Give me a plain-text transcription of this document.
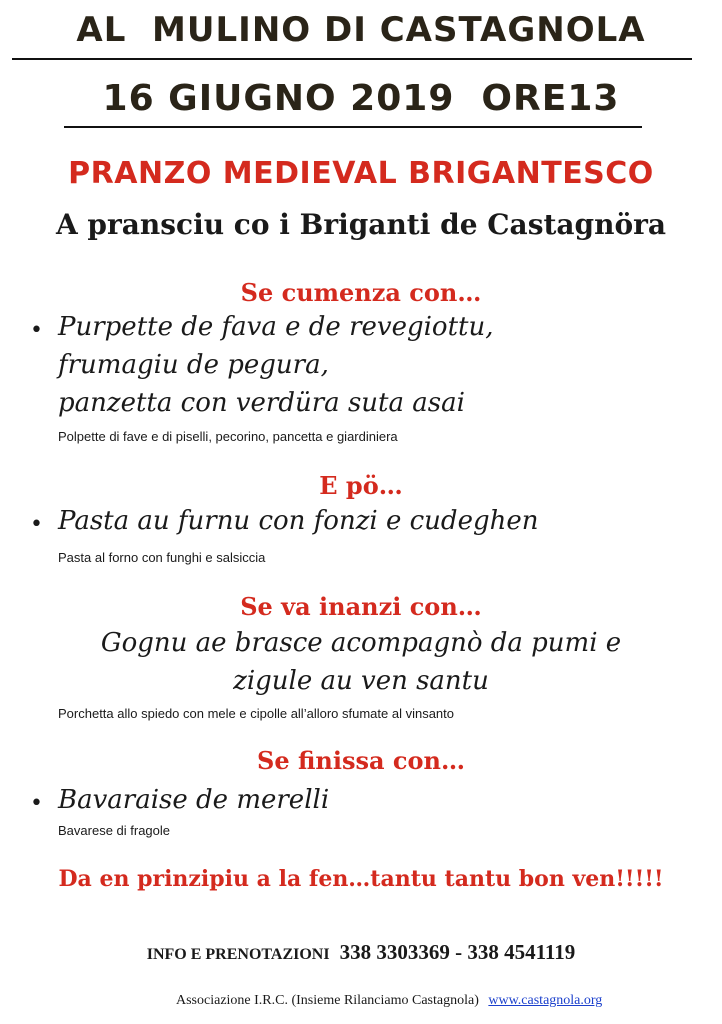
AL  MULINO DI CASTAGNOLA
16 GIUGNO 2019  ORE13
PRANZO MEDIEVAL BRIGANTESCO
A pransciu co i Briganti de Castagnöra
Se cumenza con…
• Purpette de fava e de revegiottu,
frumagiu de pegura,
panzetta con verdüra suta asai
Polpette di fave e di piselli, pecorino, pancetta e giardiniera
E pö…
• Pasta au furnu con fonzi e cudeghen
Pasta al forno con funghi e salsiccia
Se va inanzi con…
Gognu ae brasce acompagnò da pumi e
zigule au ven santu
Porchetta allo spiedo con mele e cipolle all’alloro sfumate al vinsanto
Se finissa con…
• Bavaraise de merelli
Bavarese di fragole
Da en prinzipiu a la fen…tantu tantu bon ven!!!!!
INFO E PRENOTAZIONI 338 3303369 - 338 4541119
Associazione I.R.C. (Insieme Rilanciamo Castagnola) www.castagnola.org
